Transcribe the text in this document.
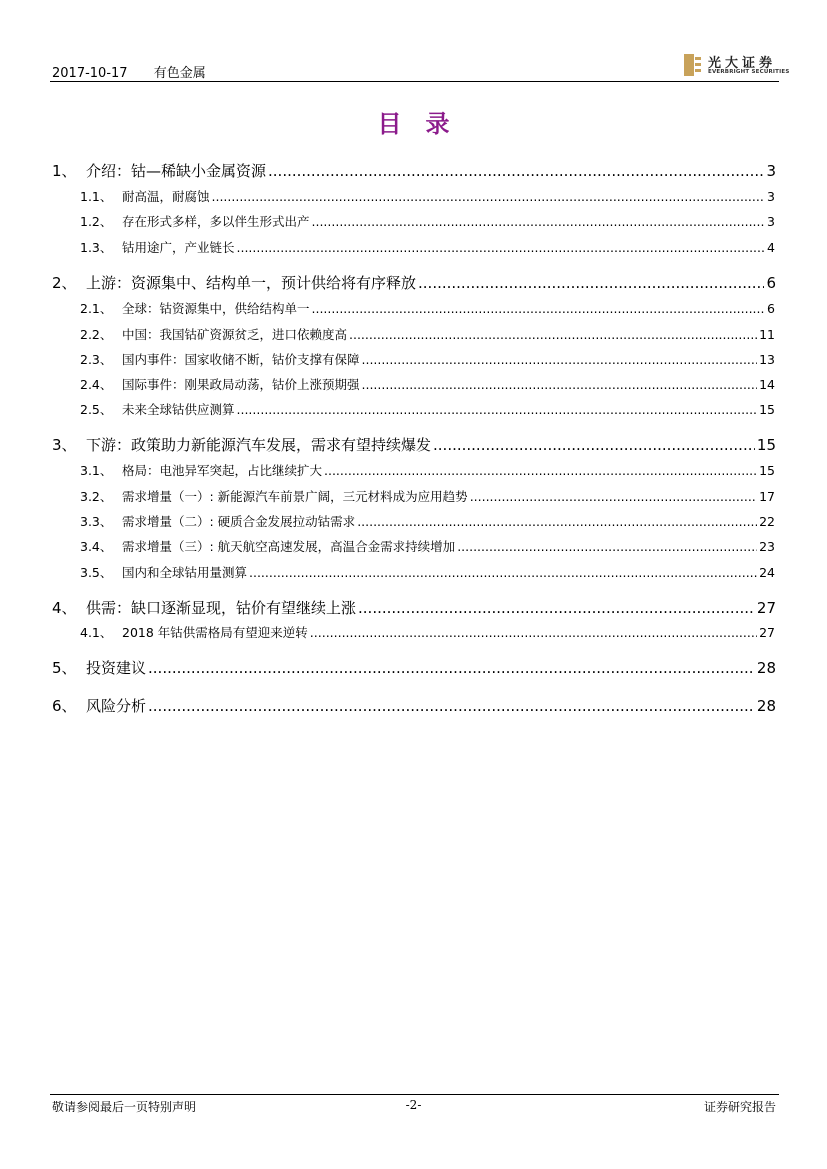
2017-10-17 有色金属
光大证券
EVERBRIGHT SECURITIES
目录
1、 介绍：钴—稀缺小金属资源 .....	3
1.1、 耐高温，耐腐蚀 .....	3
1.2、 存在形式多样，多以伴生形式出产 .....	3
1.3、 钴用途广，产业链长 .....	4
2、 上游：资源集中、结构单一，预计供给将有序释放 .....	6
2.1、 全球：钴资源集中，供给结构单一 .....	6
2.2、 中国：我国钴矿资源贫乏，进口依赖度高 .....	11
2.3、 国内事件：国家收储不断，钴价支撑有保障 .....	13
2.4、 国际事件：刚果政局动荡，钴价上涨预期强 .....	14
2.5、 未来全球钴供应测算 .....	15
3、 下游：政策助力新能源汽车发展，需求有望持续爆发 .....	15
3.1、 格局：电池异军突起，占比继续扩大 .....	15
3.2、 需求增量（一）: 新能源汽车前景广阔，三元材料成为应用趋势 .....	17
3.3、 需求增量（二）: 硬质合金发展拉动钴需求 .....	22
3.4、 需求增量（三）: 航天航空高速发展，高温合金需求持续增加 .....	23
3.5、 国内和全球钴用量测算 .....	24
4、 供需：缺口逐渐显现，钴价有望继续上涨 .....	27
4.1、 2018 年钴供需格局有望迎来逆转 .....	27
5、 投资建议 .....	28
6、 风险分析 .....	28
敬请参阅最后一页特别声明	-2-	证券研究报告
